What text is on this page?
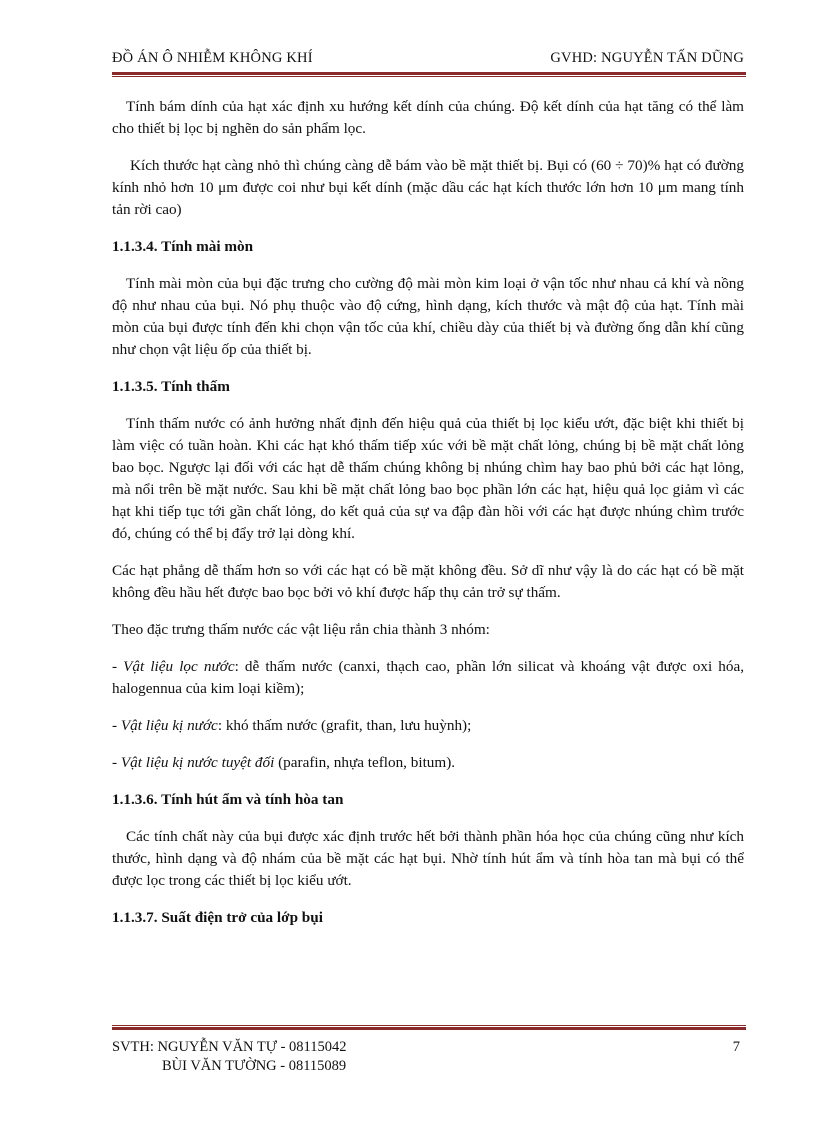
ĐỒ ÁN Ô NHIỄM KHÔNG KHÍ	GVHD: NGUYỄN TẤN DŨNG

Tính bám dính của hạt xác định xu hướng kết dính của chúng. Độ kết dính của hạt tăng có thể làm cho thiết bị lọc bị nghẽn do sản phẩm lọc.

Kích thước hạt càng nhỏ thì chúng càng dễ bám vào bề mặt thiết bị. Bụi có (60 ÷ 70)% hạt có đường kính nhỏ hơn 10 μm được coi như bụi kết dính (mặc dầu các hạt kích thước lớn hơn 10 μm mang tính tản rời cao)

1.1.3.4. Tính mài mòn

Tính mài mòn của bụi đặc trưng cho cường độ mài mòn kim loại ở vận tốc như nhau cả khí và nồng độ như nhau của bụi. Nó phụ thuộc vào độ cứng, hình dạng, kích thước và mật độ của hạt. Tính mài mòn của bụi được tính đến khi chọn vận tốc của khí, chiều dày của thiết bị và đường ống dẫn khí cũng như chọn vật liệu ốp của thiết bị.

1.1.3.5. Tính thấm

Tính thấm nước có ảnh hưởng nhất định đến hiệu quả của thiết bị lọc kiểu ướt, đặc biệt khi thiết bị làm việc có tuần hoàn. Khi các hạt khó thấm tiếp xúc với bề mặt chất lỏng, chúng bị bề mặt chất lỏng bao bọc. Ngược lại đối với các hạt dễ thấm chúng không bị nhúng chìm hay bao phủ bởi các hạt lỏng, mà nổi trên bề mặt nước. Sau khi bề mặt chất lỏng bao bọc phần lớn các hạt, hiệu quả lọc giảm vì các hạt khi tiếp tục tới gần chất lỏng, do kết quả của sự va đập đàn hồi với các hạt được nhúng chìm trước đó, chúng có thể bị đẩy trở lại dòng khí.

Các hạt phẳng dễ thấm hơn so với các hạt có bề mặt không đều. Sở dĩ như vậy là do các hạt có bề mặt không đều hầu hết được bao bọc bởi vỏ khí được hấp thụ cản trở sự thấm.

Theo đặc trưng thấm nước các vật liệu rắn chia thành 3 nhóm:

- Vật liệu lọc nước: dễ thấm nước (canxi, thạch cao, phần lớn silicat và khoáng vật được oxi hóa, halogennua của kim loại kiềm);

- Vật liệu kị nước: khó thấm nước (grafit, than, lưu huỳnh);

- Vật liệu kị nước tuyệt đối (parafin, nhựa teflon, bitum).

1.1.3.6. Tính hút ẩm và tính hòa tan

Các tính chất này của bụi được xác định trước hết bởi thành phần hóa học của chúng cũng như kích thước, hình dạng và độ nhám của bề mặt các hạt bụi. Nhờ tính hút ẩm và tính hòa tan mà bụi có thể được lọc trong các thiết bị lọc kiểu ướt.

1.1.3.7. Suất điện trở của lớp bụi
SVTH: NGUYỄN VĂN TỰ - 08115042
BÙI VĂN TƯỜNG - 08115089
7
